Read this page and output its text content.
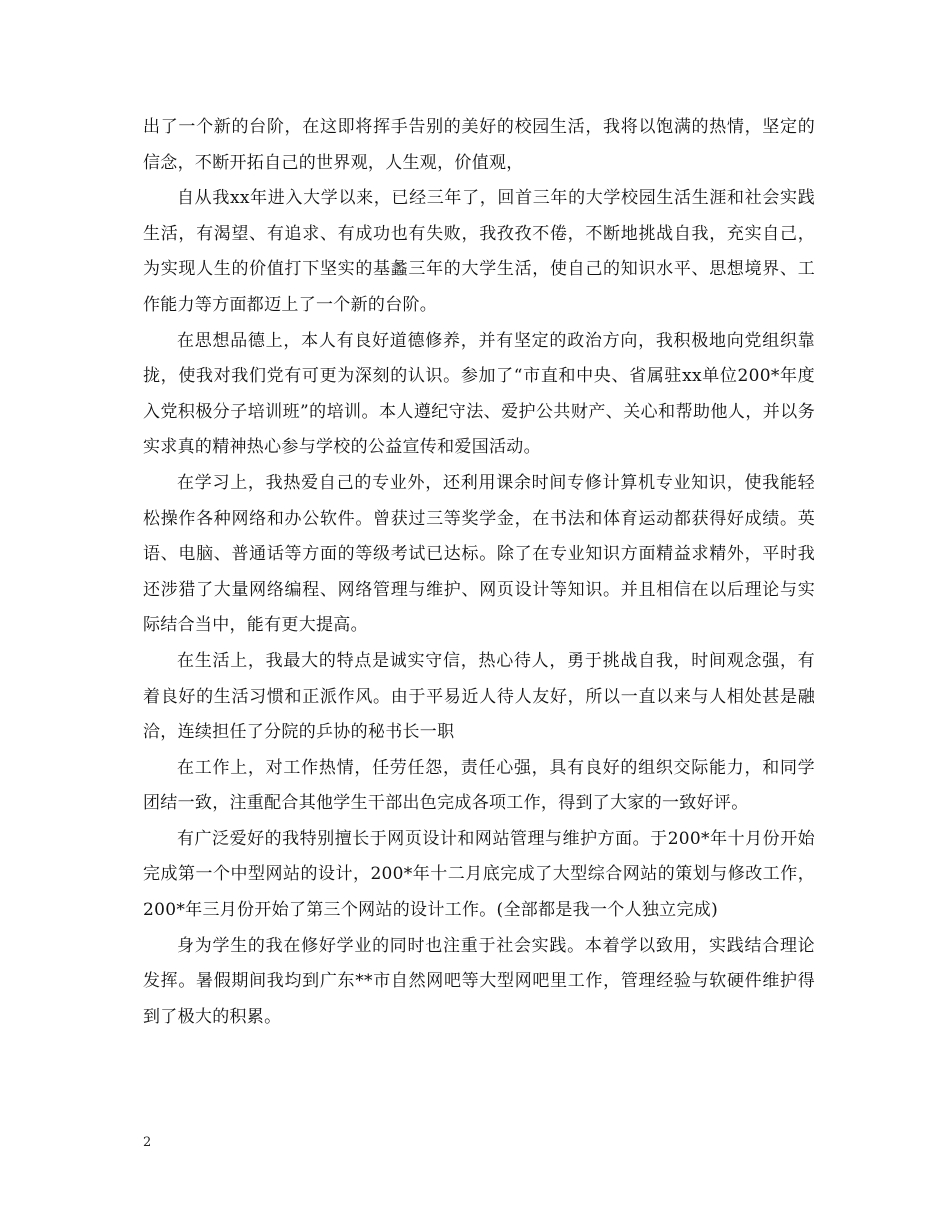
出了一个新的台阶，在这即将挥手告别的美好的校园生活，我将以饱满的热情，坚定的信念，不断开拓自己的世界观，人生观，价值观，

自从我xx年进入大学以来，已经三年了，回首三年的大学校园生活生涯和社会实践生活，有渴望、有追求、有成功也有失败，我孜孜不倦，不断地挑战自我，充实自己，为实现人生的价值打下坚实的基蠡三年的大学生活，使自己的知识水平、思想境界、工作能力等方面都迈上了一个新的台阶。

在思想品德上，本人有良好道德修养，并有坚定的政治方向，我积极地向党组织靠拢，使我对我们党有可更为深刻的认识。参加了“市直和中央、省属驻xx单位200*年度入党积极分子培训班”的培训。本人遵纪守法、爱护公共财产、关心和帮助他人，并以务实求真的精神热心参与学校的公益宣传和爱国活动。

在学习上，我热爱自己的专业外，还利用课余时间专修计算机专业知识，使我能轻松操作各种网络和办公软件。曾获过三等奖学金，在书法和体育运动都获得好成绩。英语、电脑、普通话等方面的等级考试已达标。除了在专业知识方面精益求精外，平时我还涉猎了大量网络编程、网络管理与维护、网页设计等知识。并且相信在以后理论与实际结合当中，能有更大提高。

在生活上，我最大的特点是诚实守信，热心待人，勇于挑战自我，时间观念强，有着良好的生活习惯和正派作风。由于平易近人待人友好，所以一直以来与人相处甚是融洽，连续担任了分院的乒协的秘书长一职

在工作上，对工作热情，任劳任怨，责任心强，具有良好的组织交际能力，和同学团结一致，注重配合其他学生干部出色完成各项工作，得到了大家的一致好评。

有广泛爱好的我特别擅长于网页设计和网站管理与维护方面。于200*年十月份开始完成第一个中型网站的设计，200*年十二月底完成了大型综合网站的策划与修改工作，200*年三月份开始了第三个网站的设计工作。(全部都是我一个人独立完成)

身为学生的我在修好学业的同时也注重于社会实践。本着学以致用，实践结合理论发挥。暑假期间我均到广东**市自然网吧等大型网吧里工作，管理经验与软硬件维护得到了极大的积累。

2
